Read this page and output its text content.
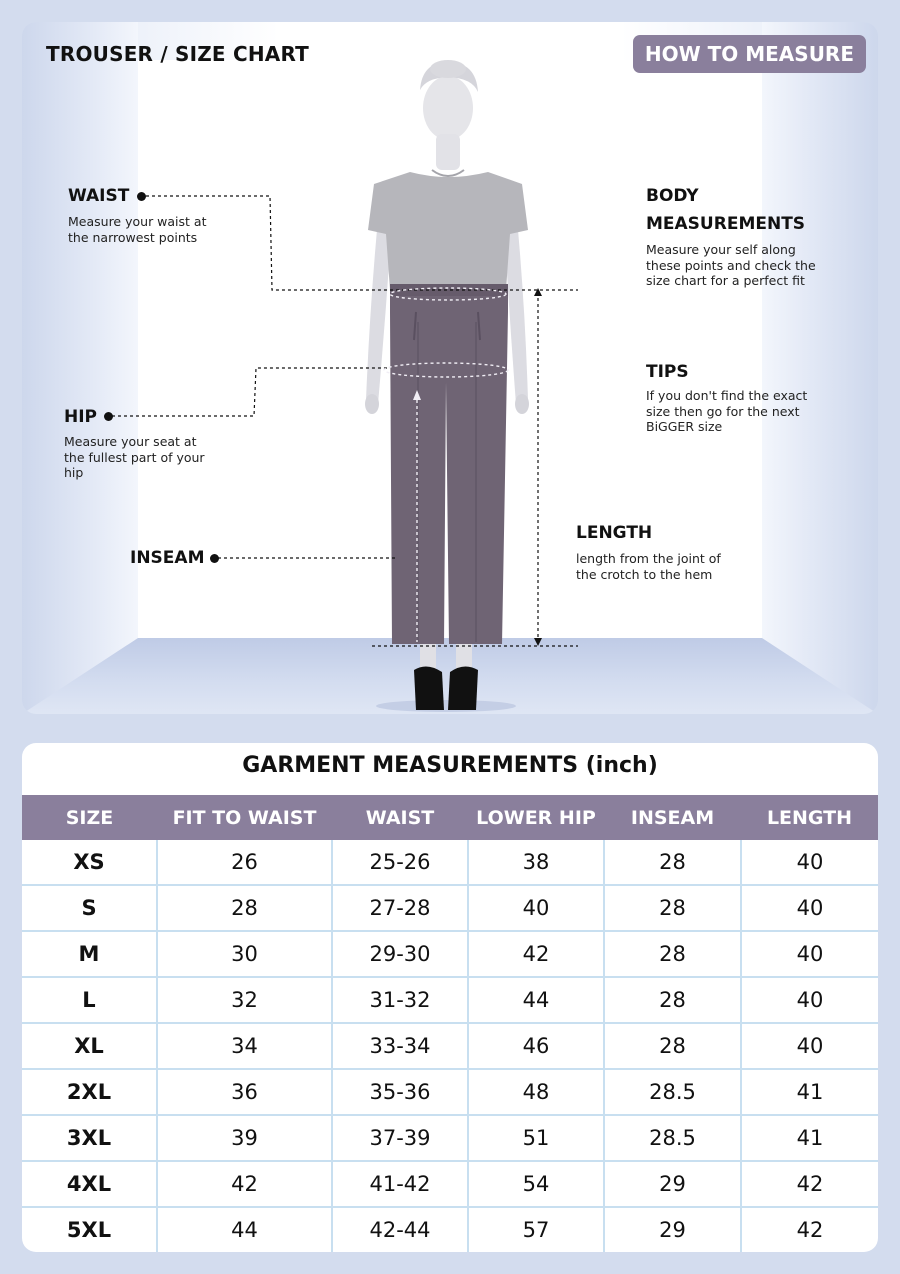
TROUSER / SIZE CHART	HOW TO MEASURE
WAIST
Measure your waist at the narrowest points
HIP
Measure your seat at the fullest part of your hip
INSEAM
BODY
MEASUREMENTS
Measure your self along these points and check the size chart for a perfect fit
TIPS
If you don't find the exact size then go for the next BiGGER size
LENGTH
length from the joint of the crotch to the hem
GARMENT MEASUREMENTS (inch)
SIZE	FIT TO WAIST	WAIST	LOWER HIP	INSEAM	LENGTH
XS	26	25-26	38	28	40
S	28	27-28	40	28	40
M	30	29-30	42	28	40
L	32	31-32	44	28	40
XL	34	33-34	46	28	40
2XL	36	35-36	48	28.5	41
3XL	39	37-39	51	28.5	41
4XL	42	41-42	54	29	42
5XL	44	42-44	57	29	42
